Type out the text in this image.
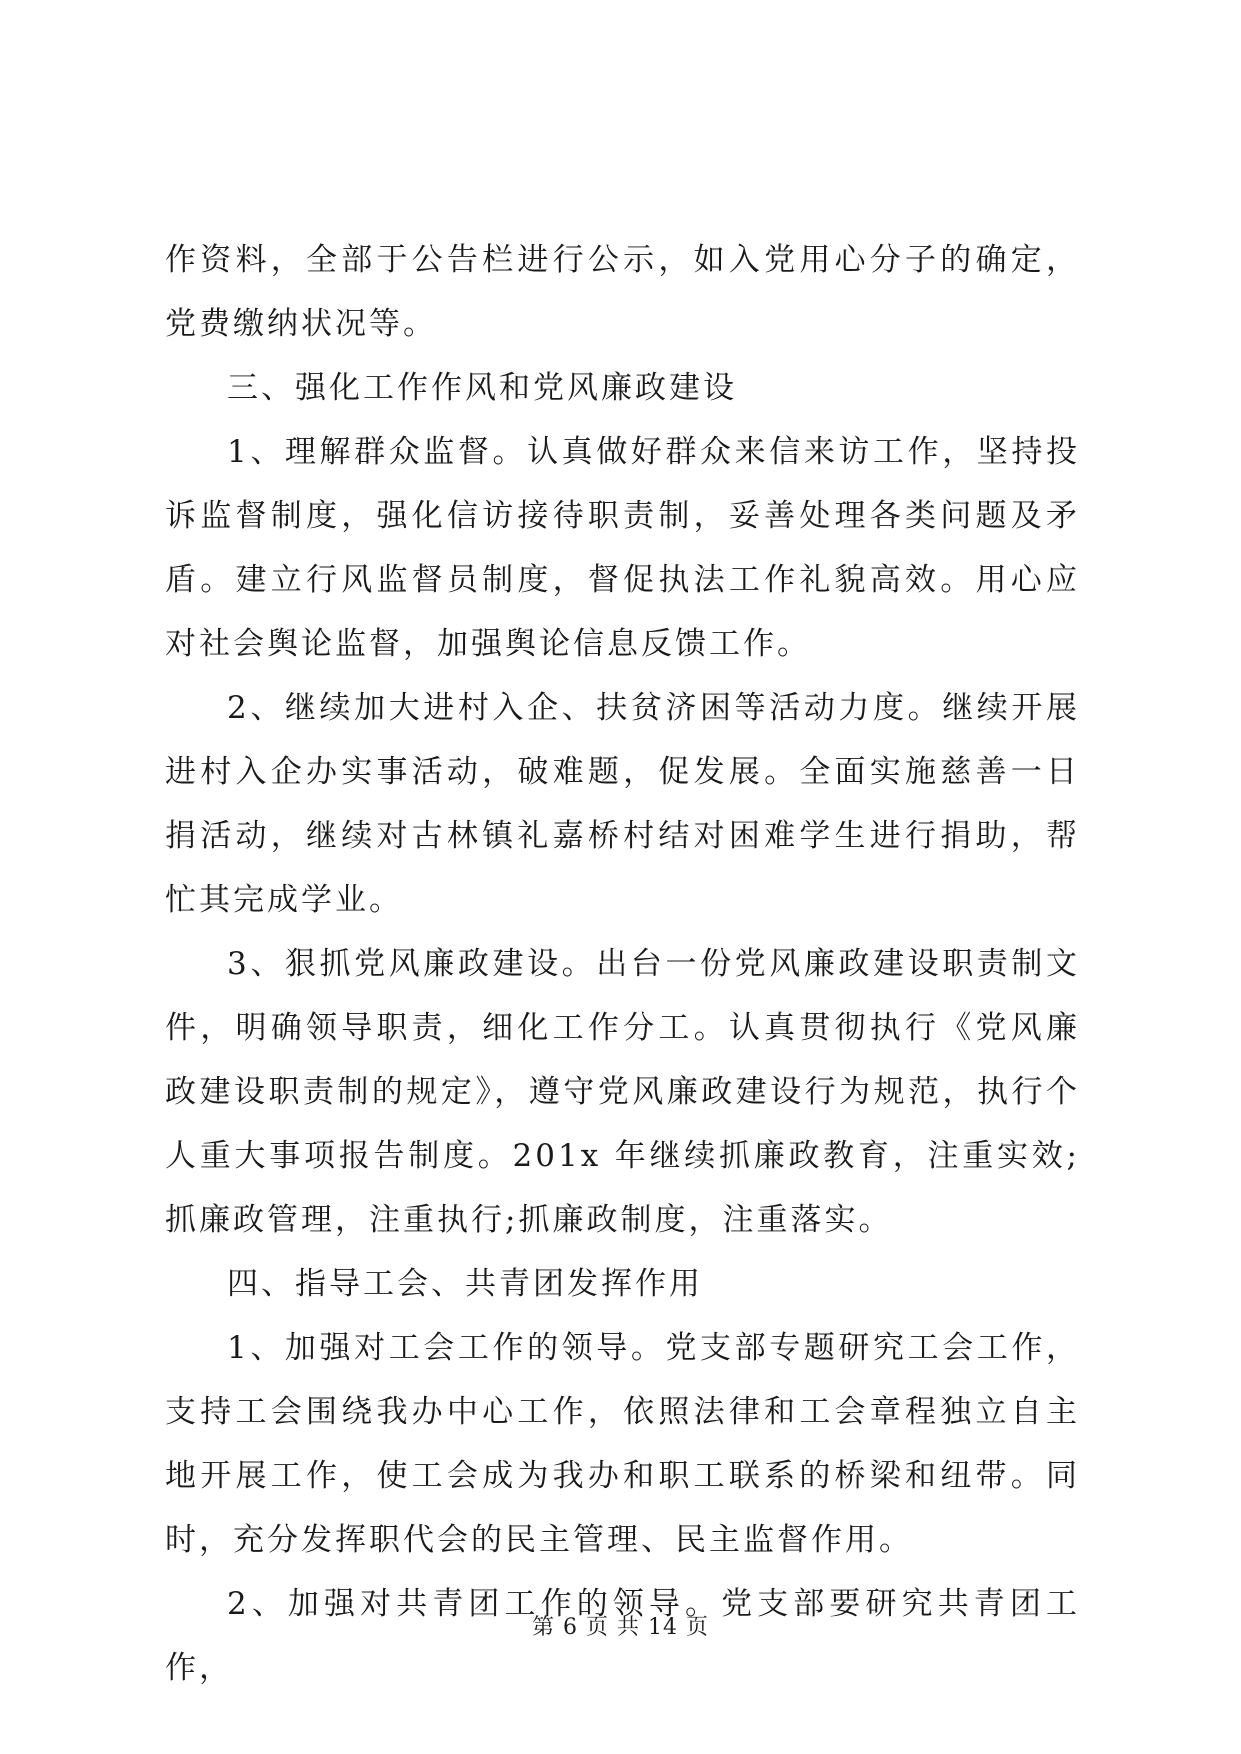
作资料，全部于公告栏进行公示，如入党用心分子的确定，党费缴纳状况等。

三、强化工作作风和党风廉政建设

1、理解群众监督。认真做好群众来信来访工作，坚持投诉监督制度，强化信访接待职责制，妥善处理各类问题及矛盾。建立行风监督员制度，督促执法工作礼貌高效。用心应对社会舆论监督，加强舆论信息反馈工作。

2、继续加大进村入企、扶贫济困等活动力度。继续开展进村入企办实事活动，破难题，促发展。全面实施慈善一日捐活动，继续对古林镇礼嘉桥村结对困难学生进行捐助，帮忙其完成学业。

3、狠抓党风廉政建设。出台一份党风廉政建设职责制文件，明确领导职责，细化工作分工。认真贯彻执行《党风廉政建设职责制的规定》，遵守党风廉政建设行为规范，执行个人重大事项报告制度。201x 年继续抓廉政教育，注重实效;抓廉政管理，注重执行;抓廉政制度，注重落实。

四、指导工会、共青团发挥作用

1、加强对工会工作的领导。党支部专题研究工会工作，支持工会围绕我办中心工作，依照法律和工会章程独立自主地开展工作，使工会成为我办和职工联系的桥梁和纽带。同时，充分发挥职代会的民主管理、民主监督作用。

2、加强对共青团工作的领导。党支部要研究共青团工作，

第 6 页 共 14 页
